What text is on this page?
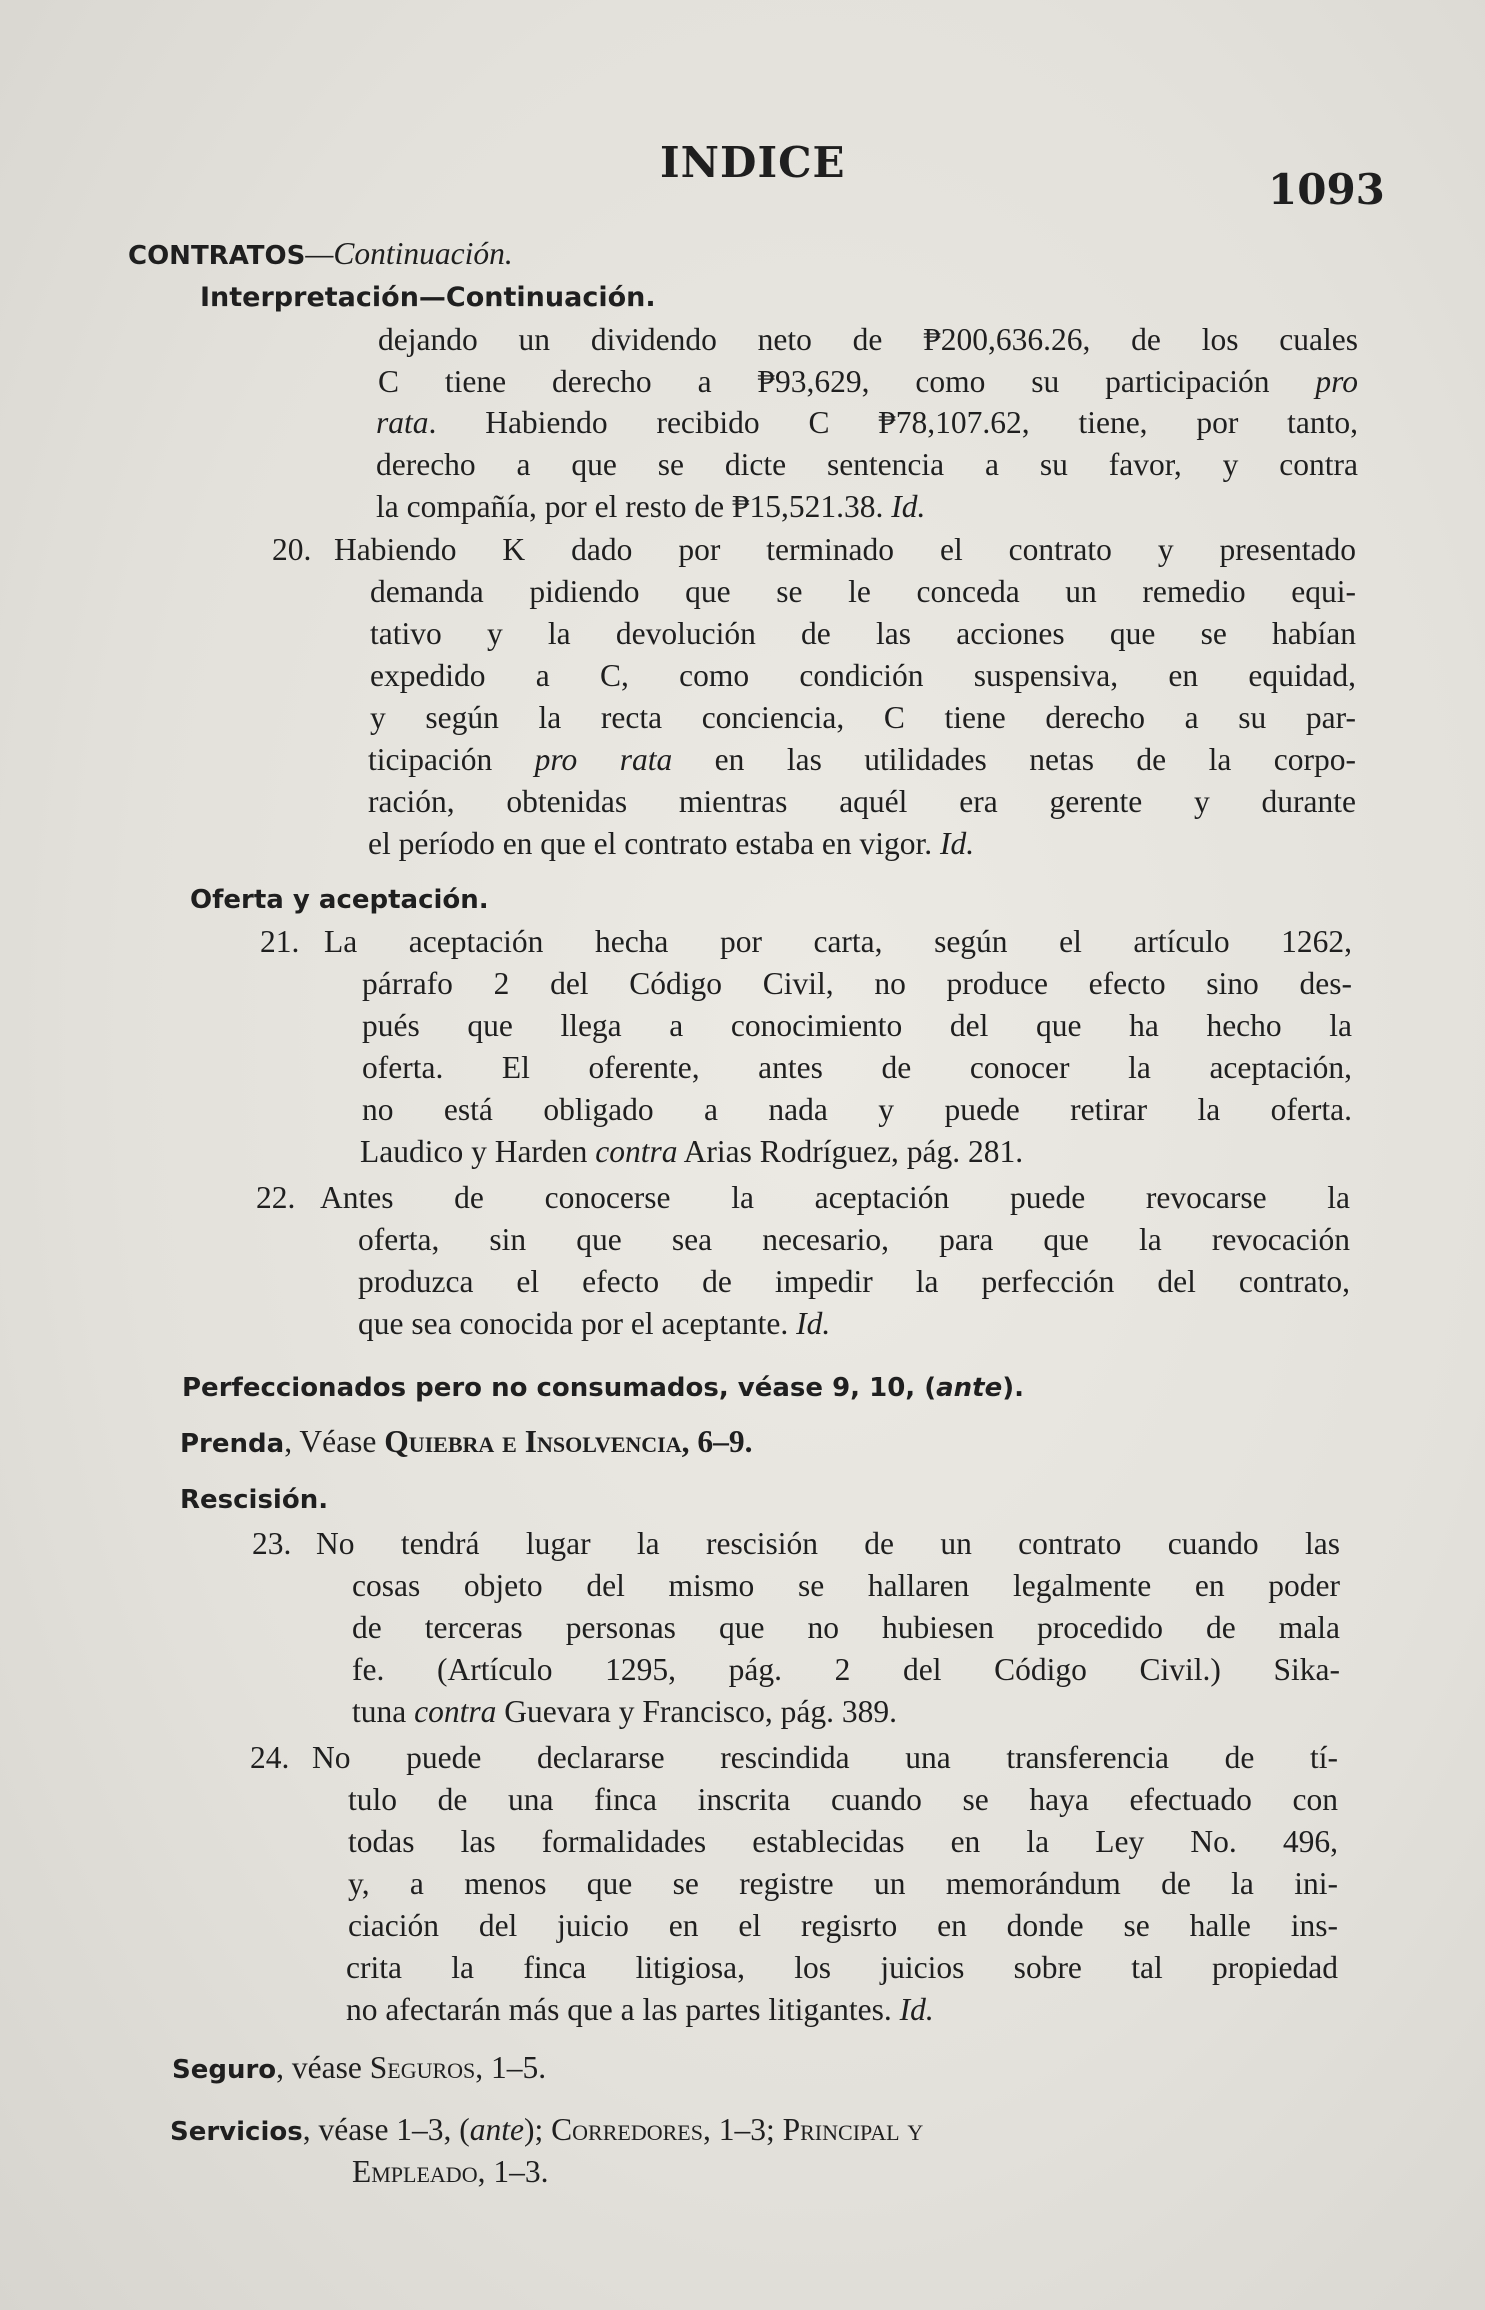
INDICE
1093
CONTRATOS—Continuación.
Interpretación—Continuación.
dejando un dividendo neto de ₱200,636.26, de los cuales
C tiene derecho a ₱93,629, como su participación pro
rata. Habiendo recibido C ₱78,107.62, tiene, por tanto,
derecho a que se dicte sentencia a su favor, y contra
la compañía, por el resto de ₱15,521.38. Id.
20. Habiendo K dado por terminado el contrato y presentado
demanda pidiendo que se le conceda un remedio equi-
tativo y la devolución de las acciones que se habían
expedido a C, como condición suspensiva, en equidad,
y según la recta conciencia, C tiene derecho a su par-
ticipación pro rata en las utilidades netas de la corpo-
ración, obtenidas mientras aquél era gerente y durante
el período en que el contrato estaba en vigor. Id.
Oferta y aceptación.
21. La aceptación hecha por carta, según el artículo 1262,
párrafo 2 del Código Civil, no produce efecto sino des-
pués que llega a conocimiento del que ha hecho la
oferta. El oferente, antes de conocer la aceptación,
no está obligado a nada y puede retirar la oferta.
Laudico y Harden contra Arias Rodríguez, pág. 281.
22. Antes de conocerse la aceptación puede revocarse la
oferta, sin que sea necesario, para que la revocación
produzca el efecto de impedir la perfección del contrato,
que sea conocida por el aceptante. Id.
Perfeccionados pero no consumados, véase 9, 10, (ante).
Prenda, Véase Quiebra e Insolvencia, 6–9.
Rescisión.
23. No tendrá lugar la rescisión de un contrato cuando las
cosas objeto del mismo se hallaren legalmente en poder
de terceras personas que no hubiesen procedido de mala
fe. (Artículo 1295, pág. 2 del Código Civil.) Sika-
tuna contra Guevara y Francisco, pág. 389.
24. No puede declararse rescindida una transferencia de tí-
tulo de una finca inscrita cuando se haya efectuado con
todas las formalidades establecidas en la Ley No. 496,
y, a menos que se registre un memorándum de la ini-
ciación del juicio en el regisrto en donde se halle ins-
crita la finca litigiosa, los juicios sobre tal propiedad
no afectarán más que a las partes litigantes. Id.
Seguro, véase Seguros, 1–5.
Servicios, véase 1–3, (ante); Corredores, 1–3; Principal y
Empleado, 1–3.
